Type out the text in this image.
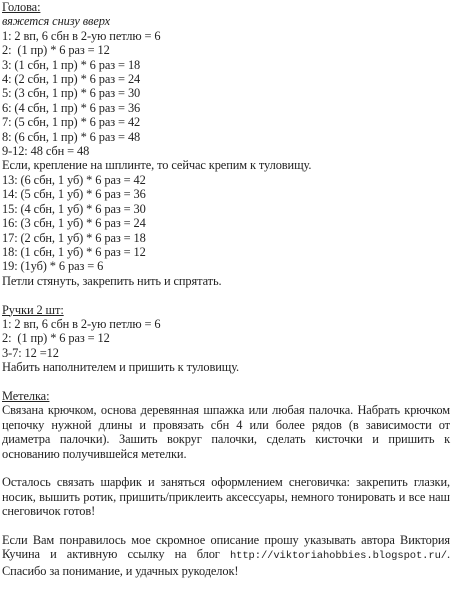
Голова:
вяжется снизу вверх
1: 2 вп, 6 сбн в 2-ую петлю = 6
2:  (1 пр) * 6 раз = 12
3: (1 сбн, 1 пр) * 6 раз = 18
4: (2 сбн, 1 пр) * 6 раз = 24
5: (3 сбн, 1 пр) * 6 раз = 30
6: (4 сбн, 1 пр) * 6 раз = 36
7: (5 сбн, 1 пр) * 6 раз = 42
8: (6 сбн, 1 пр) * 6 раз = 48
9-12: 48 сбн = 48
Если, крепление на шплинте, то сейчас крепим к туловищу.
13: (6 сбн, 1 уб) * 6 раз = 42
14: (5 сбн, 1 уб) * 6 раз = 36
15: (4 сбн, 1 уб) * 6 раз = 30
16: (3 сбн, 1 уб) * 6 раз = 24
17: (2 сбн, 1 уб) * 6 раз = 18
18: (1 сбн, 1 уб) * 6 раз = 12
19: (1уб) * 6 раз = 6
Петли стянуть, закрепить нить и спрятать.
Ручки 2 шт:
1: 2 вп, 6 сбн в 2-ую петлю = 6
2:  (1 пр) * 6 раз = 12
3-7: 12 =12
Набить наполнителем и пришить к туловищу.
Метелка:
Связана крючком, основа деревянная шпажка или любая палочка. Набрать крючком цепочку нужной длины и провязать сбн 4 или более рядов (в зависимости от диаметра палочки). Зашить вокруг палочки, сделать кисточки и пришить к основанию получившейся метелки.
Осталось связать шарфик и заняться оформлением снеговичка: закрепить глазки, носик, вышить ротик, пришить/приклеить аксессуары, немного тонировать и все наш снеговичок готов!
Если Вам понравилось мое скромное описание прошу указывать автора Виктория Кучина и активную ссылку на блог http://viktoriahobbies.blogspot.ru/. Спасибо за понимание, и удачных рукоделок!
